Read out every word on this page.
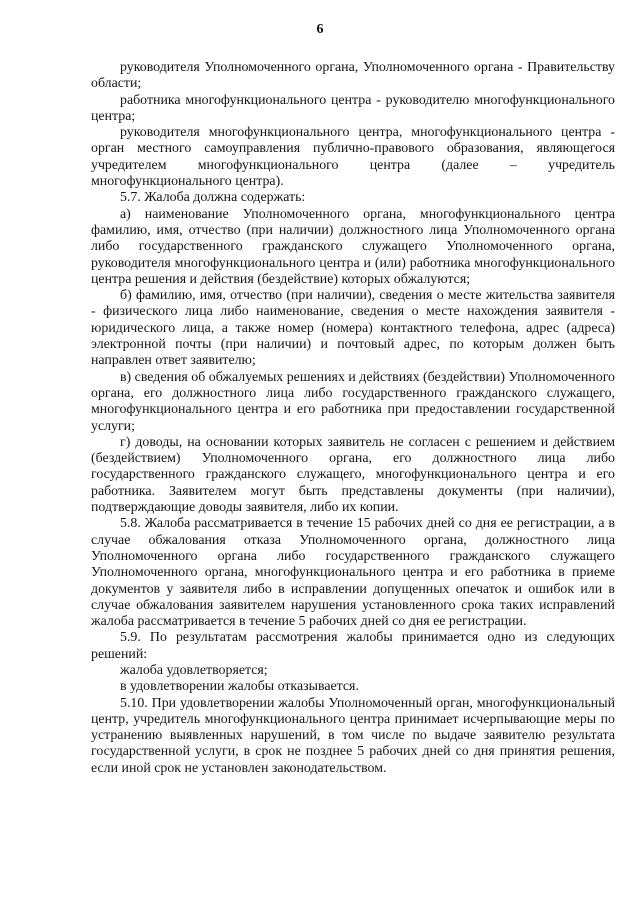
6

руководителя Уполномоченного органа, Уполномоченного органа - Правительству области;

работника многофункционального центра - руководителю многофункционального центра;

руководителя многофункционального центра, многофункционального центра - орган местного самоуправления публично-правового образования, являющегося учредителем многофункционального центра (далее – учредитель многофункционального центра).

5.7. Жалоба должна содержать:

а) наименование Уполномоченного органа, многофункционального центра фамилию, имя, отчество (при наличии) должностного лица Уполномоченного органа либо государственного гражданского служащего Уполномоченного органа, руководителя многофункционального центра и (или) работника многофункционального центра решения и действия (бездействие) которых обжалуются;

б) фамилию, имя, отчество (при наличии), сведения о месте жительства заявителя - физического лица либо наименование, сведения о месте нахождения заявителя - юридического лица, а также номер (номера) контактного телефона, адрес (адреса) электронной почты (при наличии) и почтовый адрес, по которым должен быть направлен ответ заявителю;

в) сведения об обжалуемых решениях и действиях (бездействии) Уполномоченного органа, его должностного лица либо государственного гражданского служащего, многофункционального центра и его работника при предоставлении государственной услуги;

г) доводы, на основании которых заявитель не согласен с решением и действием (бездействием) Уполномоченного органа, его должностного лица либо государственного гражданского служащего, многофункционального центра и его работника. Заявителем могут быть представлены документы (при наличии), подтверждающие доводы заявителя, либо их копии.

5.8. Жалоба рассматривается в течение 15 рабочих дней со дня ее регистрации, а в случае обжалования отказа Уполномоченного органа, должностного лица Уполномоченного органа либо государственного гражданского служащего Уполномоченного органа, многофункционального центра и его работника в приеме документов у заявителя либо в исправлении допущенных опечаток и ошибок или в случае обжалования заявителем нарушения установленного срока таких исправлений жалоба рассматривается в течение 5 рабочих дней со дня ее регистрации.

5.9. По результатам рассмотрения жалобы принимается одно из следующих решений:

жалоба удовлетворяется;

в удовлетворении жалобы отказывается.

5.10. При удовлетворении жалобы Уполномоченный орган, многофункциональный центр, учредитель многофункционального центра принимает исчерпывающие меры по устранению выявленных нарушений, в том числе по выдаче заявителю результата государственной услуги, в срок не позднее 5 рабочих дней со дня принятия решения, если иной срок не установлен законодательством.
